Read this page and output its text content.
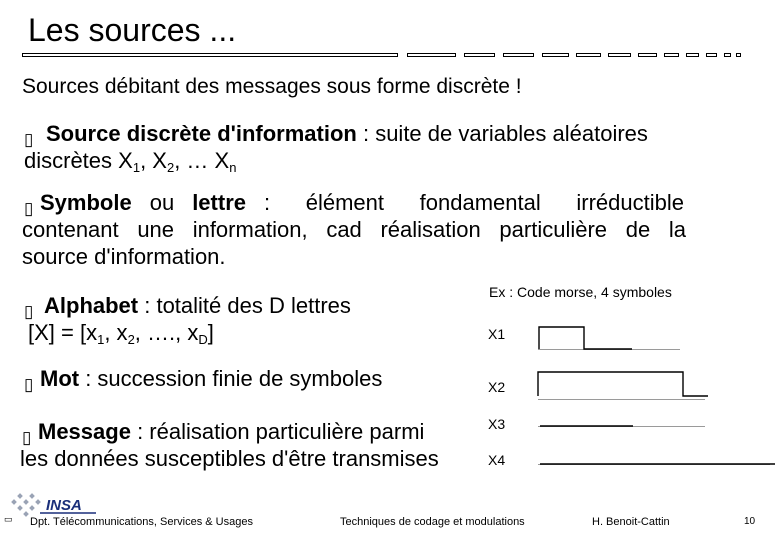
Les sources ...
Sources débitant des messages sous forme discrète !
▯ Source discrète d'information : suite de variables aléatoires
discrètes $X_1$, $X_2$, … $X_n$
▯ Symbole ou lettre : élément fondamental irréductible
contenant une information, cad réalisation particulière de la
source d'information.
▯ Alphabet : totalité des D lettres
$[X] = [x_1$, $x_2$, …., $x_D$]
▯ Mot : succession finie de symboles
▯ Message : réalisation particulière parmi
les données susceptibles d'être transmises
Ex : Code morse, 4 symboles
X1
X2
X3
X4
INSA
▭ Dpt. Télécommunications, Services & Usages	Techniques de codage et modulations	H. Benoit-Cattin	10
